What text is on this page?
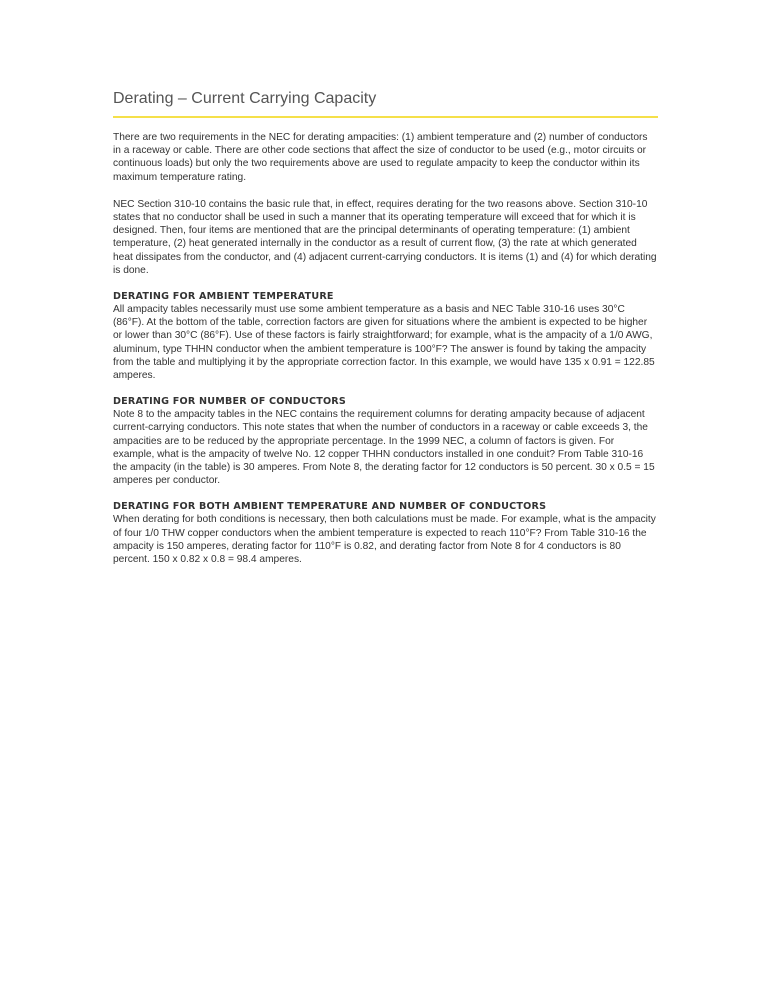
Derating – Current Carrying Capacity

There are two requirements in the NEC for derating ampacities: (1) ambient temperature and (2) number of conductors in a raceway or cable. There are other code sections that affect the size of conductor to be used (e.g., motor circuits or continuous loads) but only the two requirements above are used to regulate ampacity to keep the conductor within its maximum temperature rating.

NEC Section 310-10 contains the basic rule that, in effect, requires derating for the two reasons above. Section 310-10 states that no conductor shall be used in such a manner that its operating temperature will exceed that for which it is designed. Then, four items are mentioned that are the principal determinants of operating temperature: (1) ambient temperature, (2) heat generated internally in the conductor as a result of current flow, (3) the rate at which generated heat dissipates from the conductor, and (4) adjacent current-carrying conductors. It is items (1) and (4) for which derating is done.

DERATING FOR AMBIENT TEMPERATURE

All ampacity tables necessarily must use some ambient temperature as a basis and NEC Table 310-16 uses 30°C (86°F). At the bottom of the table, correction factors are given for situations where the ambient is expected to be higher or lower than 30°C (86°F). Use of these factors is fairly straightforward; for example, what is the ampacity of a 1/0 AWG, aluminum, type THHN conductor when the ambient temperature is 100°F? The answer is found by taking the ampacity from the table and multiplying it by the appropriate correction factor. In this example, we would have 135 x 0.91 = 122.85 amperes.

DERATING FOR NUMBER OF CONDUCTORS

Note 8 to the ampacity tables in the NEC contains the requirement columns for derating ampacity because of adjacent current-carrying conductors. This note states that when the number of conductors in a raceway or cable exceeds 3, the ampacities are to be reduced by the appropriate percentage. In the 1999 NEC, a column of factors is given. For example, what is the ampacity of twelve No. 12 copper THHN conductors installed in one conduit? From Table 310-16 the ampacity (in the table) is 30 amperes. From Note 8, the derating factor for 12 conductors is 50 percent. 30 x 0.5 = 15 amperes per conductor.

DERATING FOR BOTH AMBIENT TEMPERATURE AND NUMBER OF CONDUCTORS

When derating for both conditions is necessary, then both calculations must be made. For example, what is the ampacity of four 1/0 THW copper conductors when the ambient temperature is expected to reach 110°F? From Table 310-16 the ampacity is 150 amperes, derating factor for 110°F is 0.82, and derating factor from Note 8 for 4 conductors is 80 percent. 150 x 0.82 x 0.8 = 98.4 amperes.
